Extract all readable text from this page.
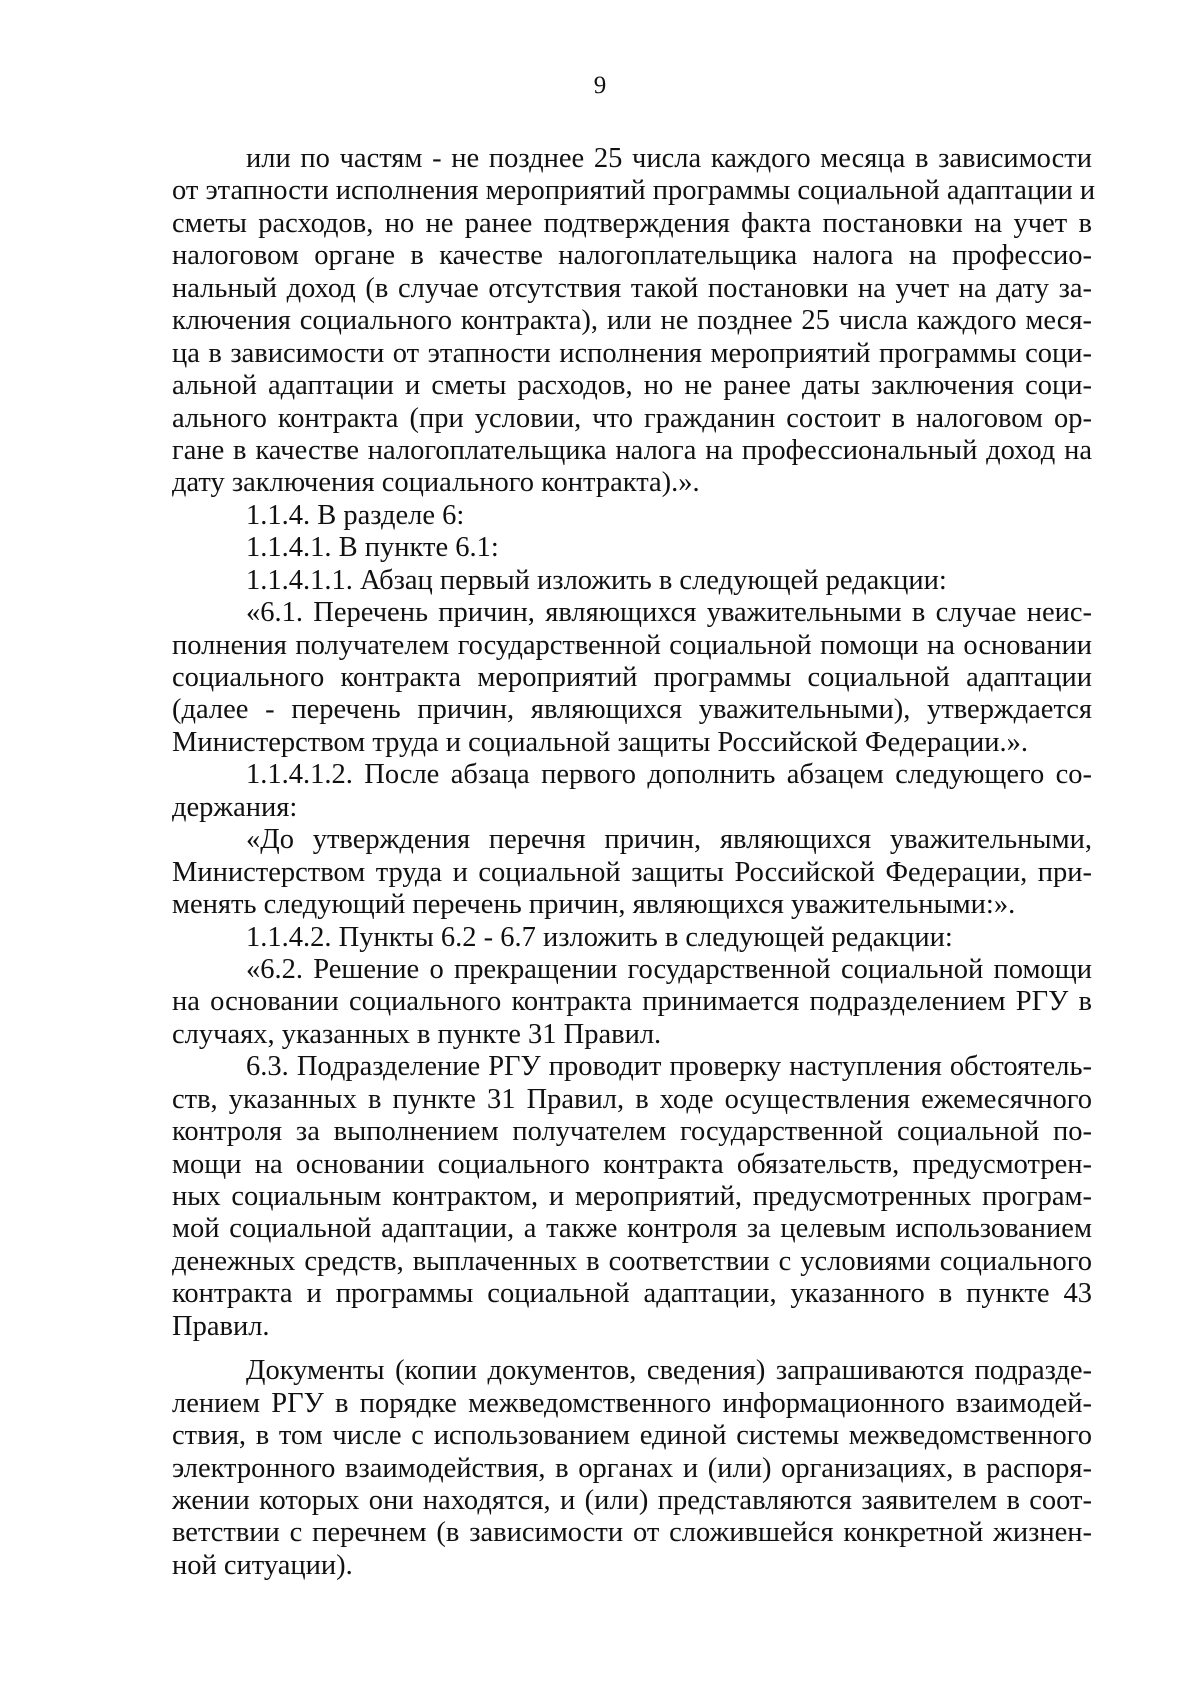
9
или по частям - не позднее 25 числа каждого месяца в зависимости
от этапности исполнения мероприятий программы социальной адаптации и
сметы расходов, но не ранее подтверждения факта постановки на учет в
налоговом органе в качестве налогоплательщика налога на профессио-
нальный доход (в случае отсутствия такой постановки на учет на дату за-
ключения социального контракта), или не позднее 25 числа каждого меся-
ца в зависимости от этапности исполнения мероприятий программы соци-
альной адаптации и сметы расходов, но не ранее даты заключения соци-
ального контракта (при условии, что гражданин состоит в налоговом ор-
гане в качестве налогоплательщика налога на профессиональный доход на
дату заключения социального контракта).».
1.1.4. В разделе 6:
1.1.4.1. В пункте 6.1:
1.1.4.1.1. Абзац первый изложить в следующей редакции:
«6.1. Перечень причин, являющихся уважительными в случае неис-
полнения получателем государственной социальной помощи на основании
социального контракта мероприятий программы социальной адаптации
(далее - перечень причин, являющихся уважительными), утверждается
Министерством труда и социальной защиты Российской Федерации.».
1.1.4.1.2. После абзаца первого дополнить абзацем следующего со-
держания:
«До утверждения перечня причин, являющихся уважительными,
Министерством труда и социальной защиты Российской Федерации, при-
менять следующий перечень причин, являющихся уважительными:».
1.1.4.2. Пункты 6.2 - 6.7 изложить в следующей редакции:
«6.2. Решение о прекращении государственной социальной помощи
на основании социального контракта принимается подразделением РГУ в
случаях, указанных в пункте 31 Правил.
6.3. Подразделение РГУ проводит проверку наступления обстоятель-
ств, указанных в пункте 31 Правил, в ходе осуществления ежемесячного
контроля за выполнением получателем государственной социальной по-
мощи на основании социального контракта обязательств, предусмотрен-
ных социальным контрактом, и мероприятий, предусмотренных програм-
мой социальной адаптации, а также контроля за целевым использованием
денежных средств, выплаченных в соответствии с условиями социального
контракта и программы социальной адаптации, указанного в пункте 43
Правил.
Документы (копии документов, сведения) запрашиваются подразде-
лением РГУ в порядке межведомственного информационного взаимодей-
ствия, в том числе с использованием единой системы межведомственного
электронного взаимодействия, в органах и (или) организациях, в распоря-
жении которых они находятся, и (или) представляются заявителем в соот-
ветствии с перечнем (в зависимости от сложившейся конкретной жизнен-
ной ситуации).
